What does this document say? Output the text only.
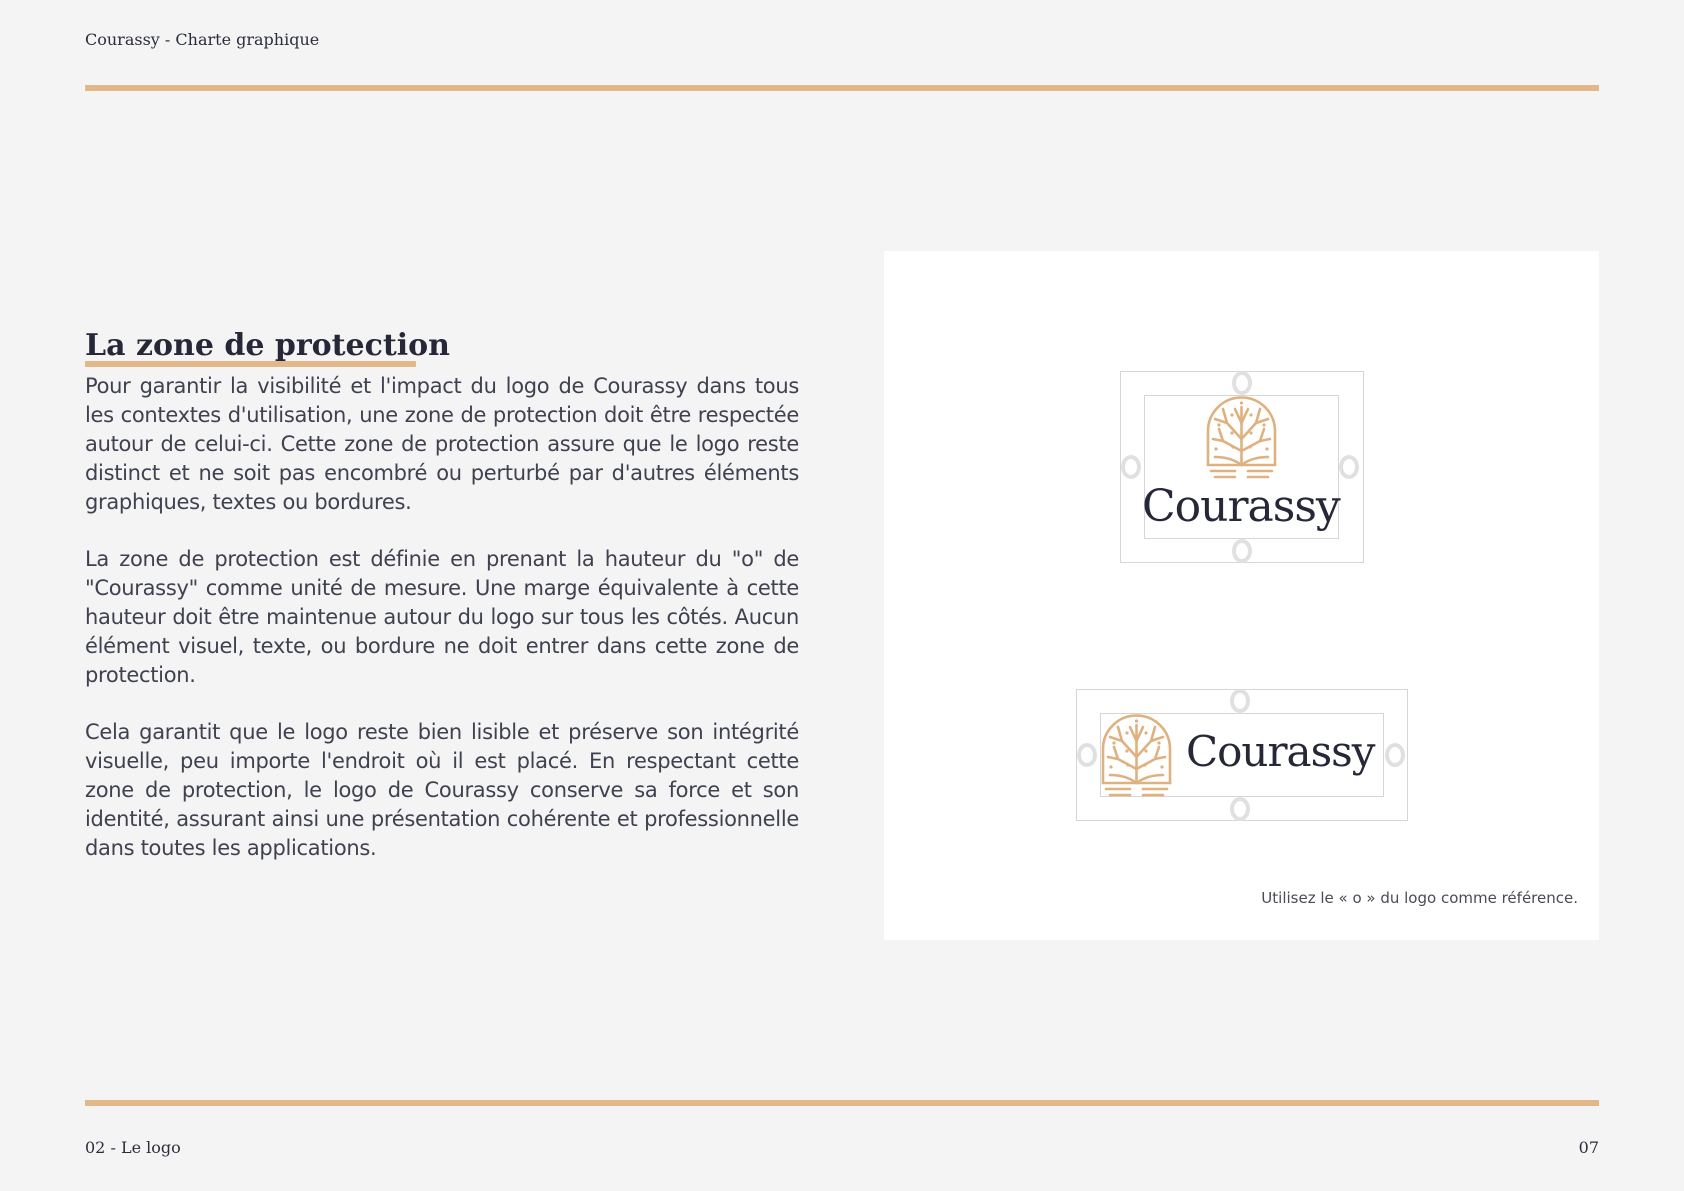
Courassy - Charte graphique
La zone de protection

Pour garantir la visibilité et l'impact du logo de Courassy dans tous les contextes d'utilisation, une zone de protection doit être respectée autour de celui-ci. Cette zone de protection assure que le logo reste distinct et ne soit pas encombré ou perturbé par d'autres éléments graphiques, textes ou bordures.

La zone de protection est définie en prenant la hauteur du "o" de "Courassy" comme unité de mesure. Une marge équivalente à cette hauteur doit être maintenue autour du logo sur tous les côtés. Aucun élément visuel, texte, ou bordure ne doit entrer dans cette zone de protection.

Cela garantit que le logo reste bien lisible et préserve son intégrité visuelle, peu importe l'endroit où il est placé. En respectant cette zone de protection, le logo de Courassy conserve sa force et son identité, assurant ainsi une présentation cohérente et professionnelle dans toutes les applications.

Courassy
Courassy
Utilisez le « o » du logo comme référence.
02 - Le logo	07
